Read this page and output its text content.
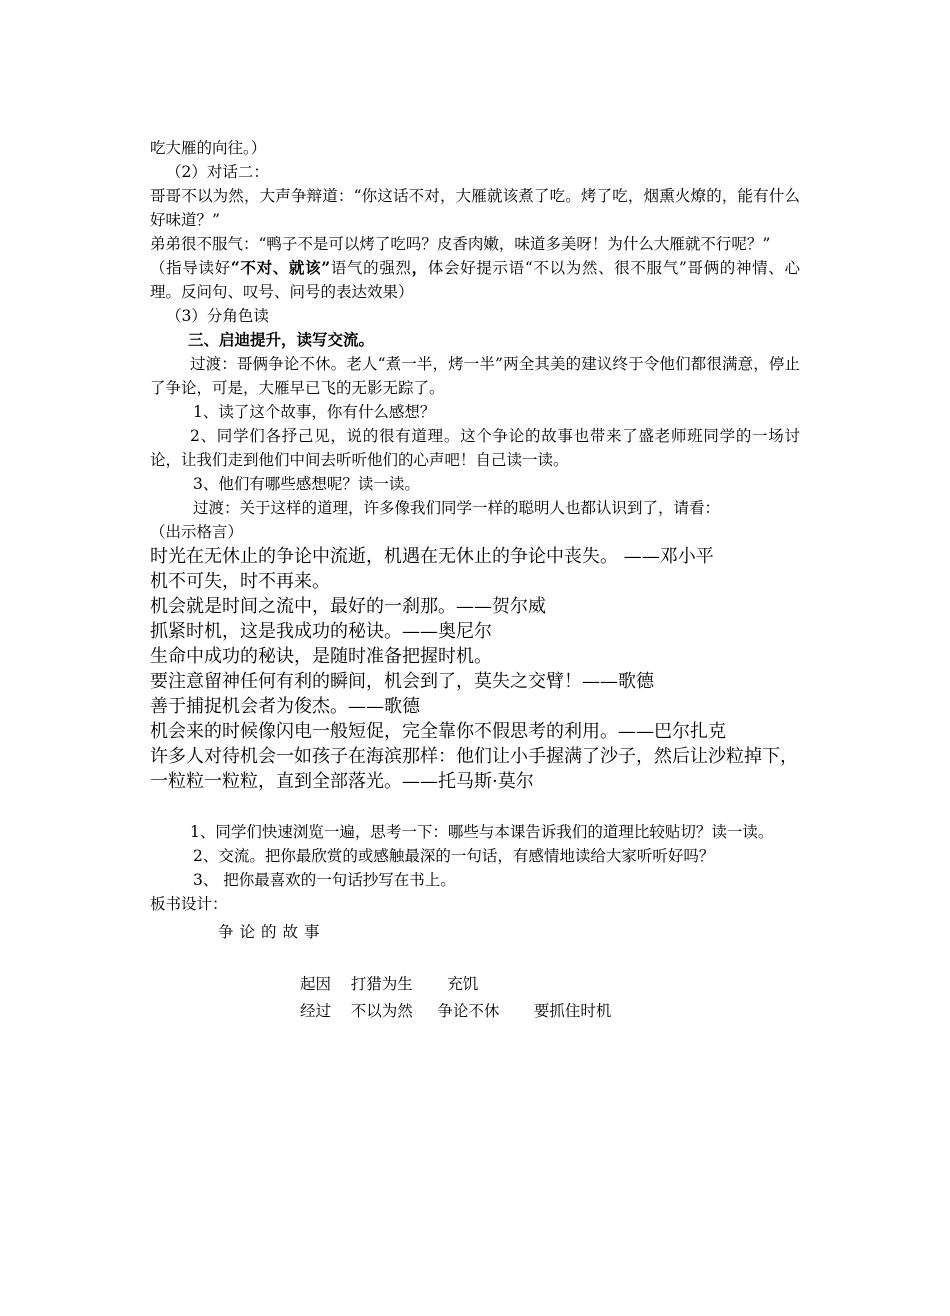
吃大雁的向往。）
（2）对话二：
哥哥不以为然，大声争辩道：“你这话不对，大雁就该煮了吃。烤了吃，烟熏火燎的，能有什么好味道？”
弟弟很不服气：“鸭子不是可以烤了吃吗？皮香肉嫩，味道多美呀！为什么大雁就不行呢？”
（指导读好“不对、就该”语气的强烈，体会好提示语“不以为然、很不服气”哥俩的神情、心理。反问句、叹号、问号的表达效果）
（3）分角色读
三、启迪提升，读写交流。
过渡：哥俩争论不休。老人“煮一半，烤一半”两全其美的建议终于令他们都很满意，停止了争论，可是，大雁早已飞的无影无踪了。
1、读了这个故事，你有什么感想？
2、同学们各抒己见，说的很有道理。这个争论的故事也带来了盛老师班同学的一场讨论，让我们走到他们中间去听听他们的心声吧！自己读一读。
3、他们有哪些感想呢？读一读。
过渡：关于这样的道理，许多像我们同学一样的聪明人也都认识到了，请看：
（出示格言）
时光在无休止的争论中流逝，机遇在无休止的争论中丧失。 ——邓小平
机不可失，时不再来。
机会就是时间之流中，最好的一刹那。——贺尔威
抓紧时机，这是我成功的秘诀。——奥尼尔
生命中成功的秘诀，是随时准备把握时机。
要注意留神任何有利的瞬间，机会到了，莫失之交臂！——歌德
善于捕捉机会者为俊杰。——歌德
机会来的时候像闪电一般短促，完全靠你不假思考的利用。——巴尔扎克
许多人对待机会一如孩子在海滨那样：他们让小手握满了沙子，然后让沙粒掉下，一粒粒一粒粒，直到全部落光。——托马斯·莫尔
1、同学们快速浏览一遍，思考一下：哪些与本课告诉我们的道理比较贴切？读一读。
2、交流。把你最欣赏的或感触最深的一句话，有感情地读给大家听听好吗？
3、 把你最喜欢的一句话抄写在书上。
板书设计：
争论的故事
起因    打猎为生       充饥
经过    不以为然     争论不休       要抓住时机
